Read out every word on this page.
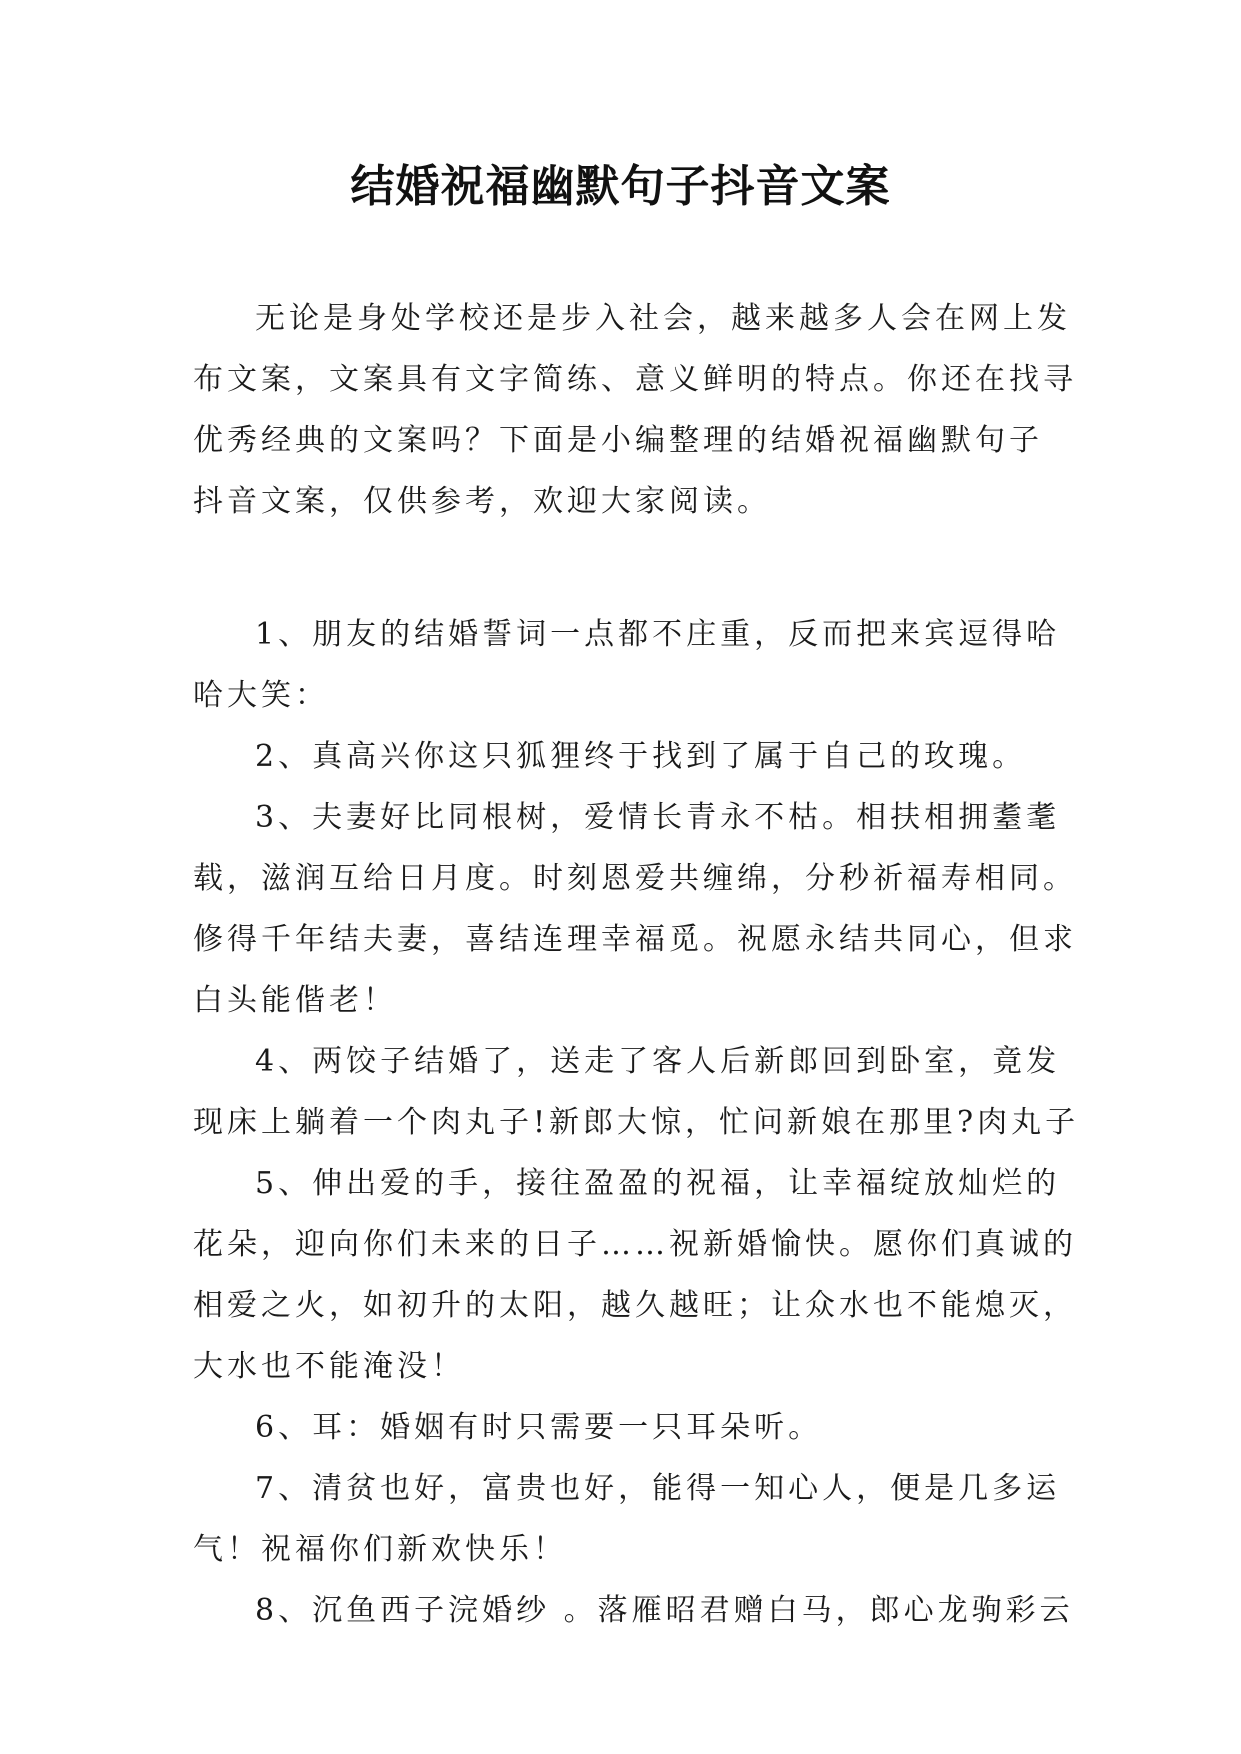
结婚祝福幽默句子抖音文案

无论是身处学校还是步入社会，越来越多人会在网上发

布文案，文案具有文字简练、意义鲜明的特点。你还在找寻

优秀经典的文案吗？下面是小编整理的结婚祝福幽默句子

抖音文案，仅供参考，欢迎大家阅读。

1、朋友的结婚誓词一点都不庄重，反而把来宾逗得哈

哈大笑：

2、真高兴你这只狐狸终于找到了属于自己的玫瑰。

3、夫妻好比同根树，爱情长青永不枯。相扶相拥耋耄

载，滋润互给日月度。时刻恩爱共缠绵，分秒祈福寿相同。

修得千年结夫妻，喜结连理幸福觅。祝愿永结共同心，但求

白头能偕老！

4、两饺子结婚了，送走了客人后新郎回到卧室，竟发

现床上躺着一个肉丸子!新郎大惊，忙问新娘在那里?肉丸子

5、伸出爱的手，接往盈盈的祝福，让幸福绽放灿烂的

花朵，迎向你们未来的日子……祝新婚愉快。愿你们真诚的

相爱之火，如初升的太阳，越久越旺；让众水也不能熄灭，

大水也不能淹没！

6、耳：婚姻有时只需要一只耳朵听。

7、清贫也好，富贵也好，能得一知心人，便是几多运

气！祝福你们新欢快乐！

8、沉鱼西子浣婚纱 。落雁昭君赠白马，郎心龙驹彩云
